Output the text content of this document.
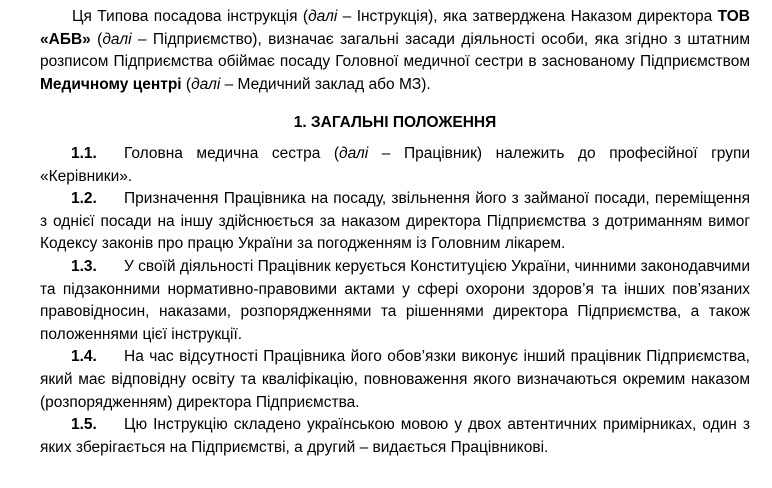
Ця Типова посадова інструкція (далі – Інструкція), яка затверджена Наказом директора ТОВ «АБВ» (далі – Підприємство), визначає загальні засади діяльності особи, яка згідно з штатним розписом Підприємства обіймає посаду Головної медичної сестри в заснованому Підприємством Медичному центрі (далі – Медичний заклад або МЗ).

1. ЗАГАЛЬНІ ПОЛОЖЕННЯ

1.1. Головна медична сестра (далі – Працівник) належить до професійної групи «Керівники».

1.2. Призначення Працівника на посаду, звільнення його з займаної посади, переміщення з однієї посади на іншу здійснюється за наказом директора Підприємства з дотриманням вимог Кодексу законів про працю України за погодженням із Головним лікарем.

1.3. У своїй діяльності Працівник керується Конституцією України, чинними законодавчими та підзаконними нормативно-правовими актами у сфері охорони здоров’я та інших пов’язаних правовідносин, наказами, розпорядженнями та рішеннями директора Підприємства, а також положеннями цієї інструкції.

1.4. На час відсутності Працівника його обов’язки виконує інший працівник Підприємства, який має відповідну освіту та кваліфікацію, повноваження якого визначаються окремим наказом (розпорядженням) директора Підприємства.

1.5. Цю Інструкцію складено українською мовою у двох автентичних примірниках, один з яких зберігається на Підприємстві, а другий – видається Працівникові.
